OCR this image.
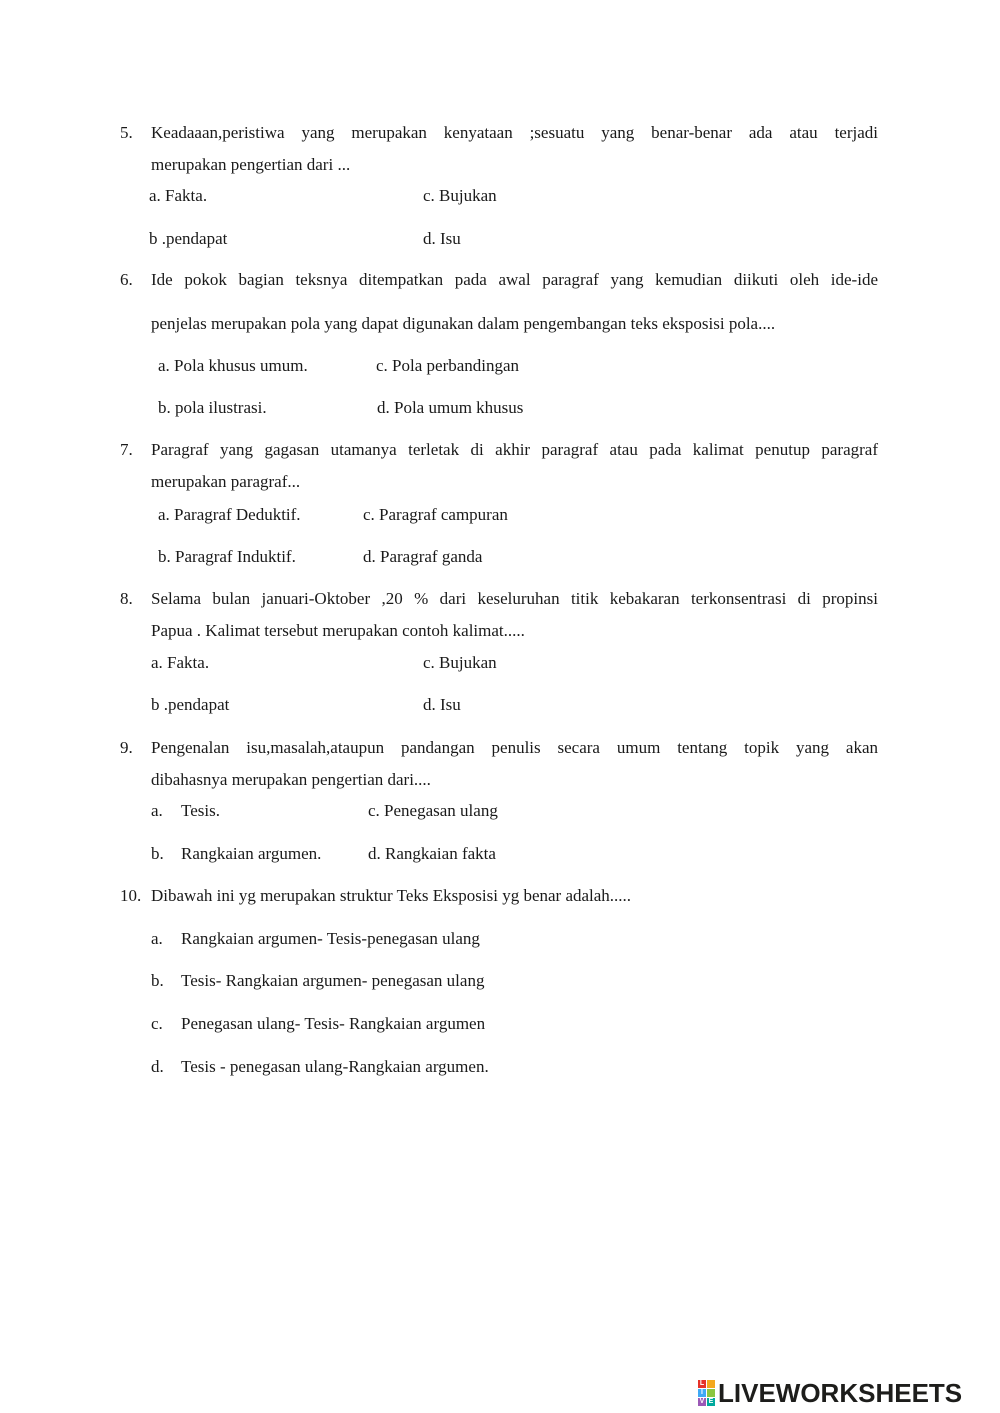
5. Keadaaan,peristiwa yang merupakan kenyataan ;sesuatu yang benar-benar ada atau terjadi
merupakan pengertian dari ...
a. Fakta.	c. Bujukan
b .pendapat	d. Isu
6. Ide pokok bagian teksnya ditempatkan pada awal paragraf yang kemudian diikuti oleh ide-ide
penjelas merupakan pola yang dapat digunakan dalam pengembangan teks eksposisi pola....
a. Pola khusus umum.	c. Pola perbandingan
b. pola ilustrasi.	d. Pola umum khusus
7. Paragraf yang gagasan utamanya terletak di akhir paragraf atau pada kalimat penutup paragraf
merupakan paragraf...
a. Paragraf Deduktif.	c. Paragraf campuran
b. Paragraf Induktif.	d. Paragraf ganda
8. Selama bulan januari-Oktober ,20 % dari keseluruhan titik kebakaran terkonsentrasi di propinsi
Papua . Kalimat tersebut merupakan contoh kalimat.....
a. Fakta.	c. Bujukan
b .pendapat	d. Isu
9. Pengenalan isu,masalah,ataupun pandangan penulis secara umum tentang topik yang akan
dibahasnya merupakan pengertian dari....
a. Tesis.	c. Penegasan ulang
b. Rangkaian argumen.	d. Rangkaian fakta
10. Dibawah ini yg merupakan struktur Teks Eksposisi yg benar adalah.....
a. Rangkaian argumen- Tesis-penegasan ulang
b. Tesis- Rangkaian argumen- penegasan ulang
c. Penegasan ulang- Tesis- Rangkaian argumen
d. Tesis - penegasan ulang-Rangkaian argumen.
L
I
V E LIVEWORKSHEETS
